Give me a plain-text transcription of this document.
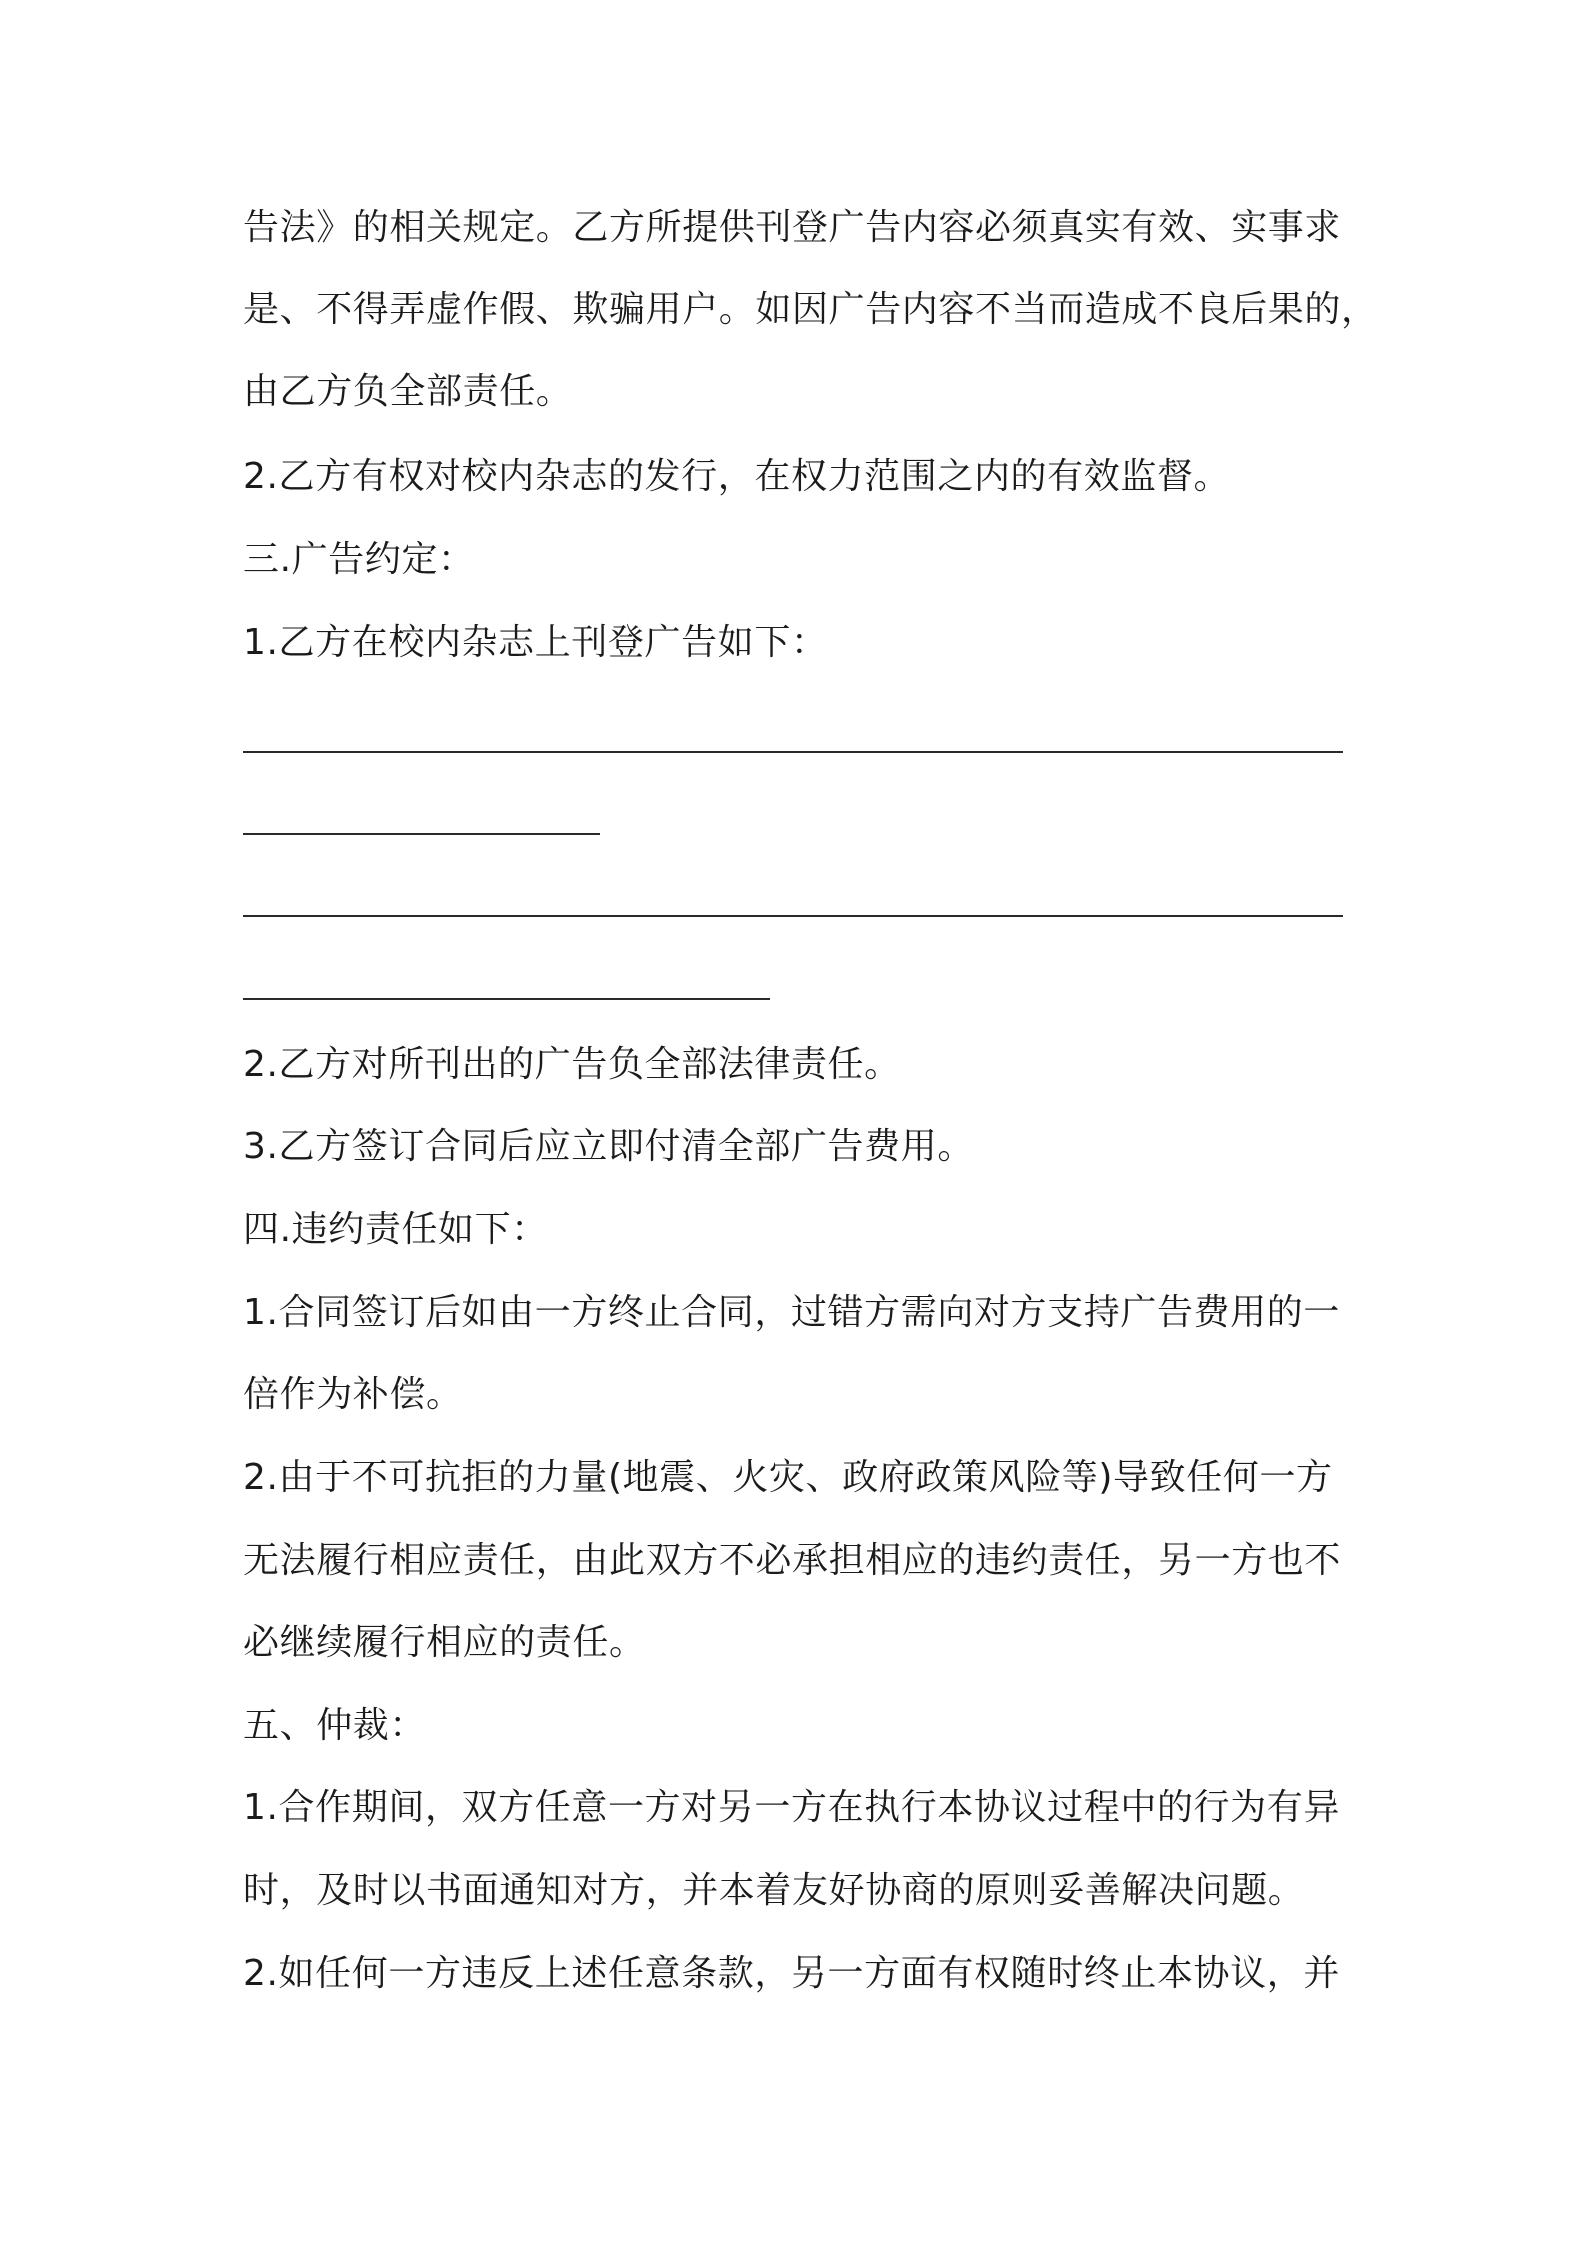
告法》的相关规定。乙方所提供刊登广告内容必须真实有效、实事求

是、不得弄虚作假、欺骗用户。如因广告内容不当而造成不良后果的，

由乙方负全部责任。

2.乙方有权对校内杂志的发行，在权力范围之内的有效监督。

三.广告约定：

1.乙方在校内杂志上刊登广告如下：

2.乙方对所刊出的广告负全部法律责任。

3.乙方签订合同后应立即付清全部广告费用。

四.违约责任如下：

1.合同签订后如由一方终止合同，过错方需向对方支持广告费用的一

倍作为补偿。

2.由于不可抗拒的力量(地震、火灾、政府政策风险等)导致任何一方

无法履行相应责任，由此双方不必承担相应的违约责任，另一方也不

必继续履行相应的责任。

五、仲裁：

1.合作期间，双方任意一方对另一方在执行本协议过程中的行为有异

时，及时以书面通知对方，并本着友好协商的原则妥善解决问题。

2.如任何一方违反上述任意条款，另一方面有权随时终止本协议，并
